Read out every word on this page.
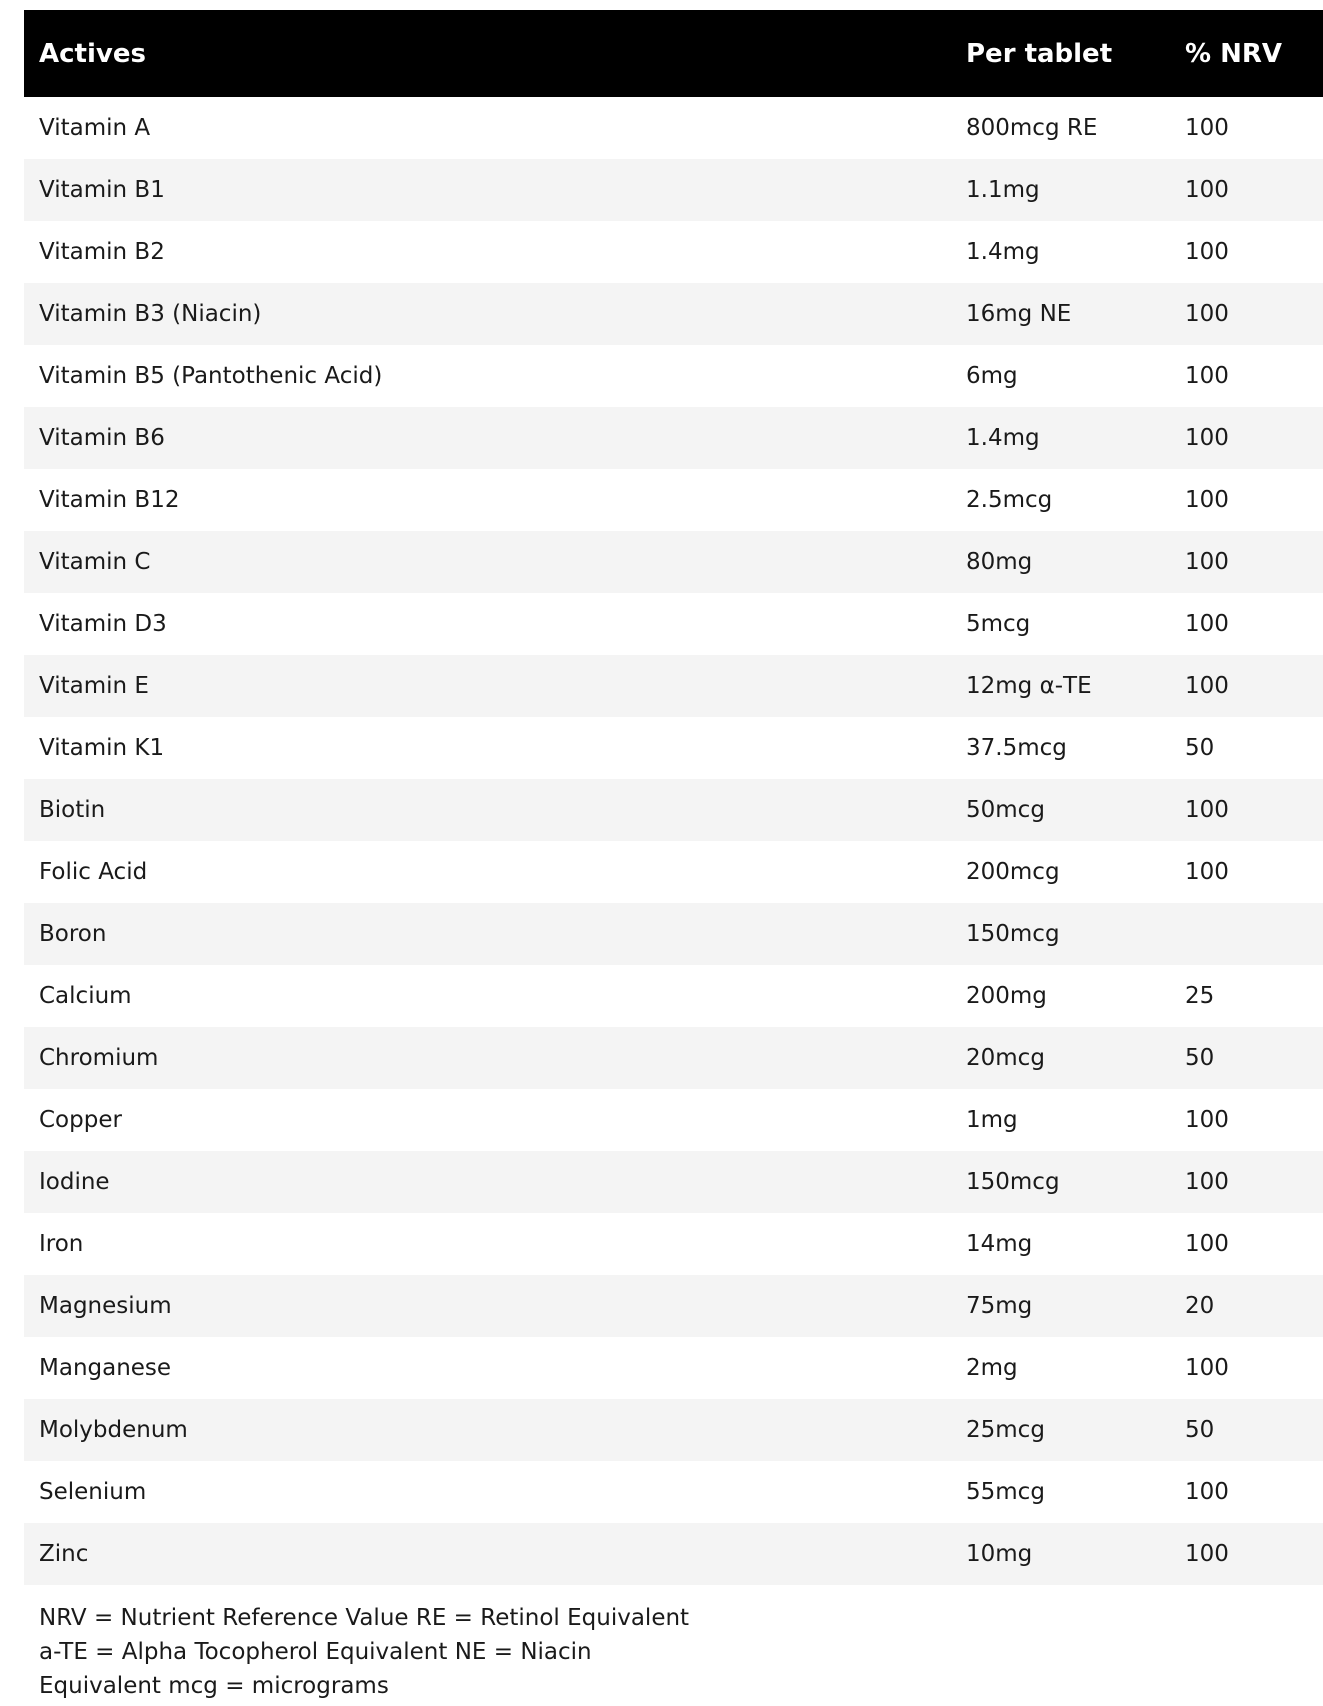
Actives	Per tablet	% NRV
Vitamin A	800mcg RE	100
Vitamin B1	1.1mg	100
Vitamin B2	1.4mg	100
Vitamin B3 (Niacin)	16mg NE	100
Vitamin B5 (Pantothenic Acid)	6mg	100
Vitamin B6	1.4mg	100
Vitamin B12	2.5mcg	100
Vitamin C	80mg	100
Vitamin D3	5mcg	100
Vitamin E	12mg α-TE	100
Vitamin K1	37.5mcg	50
Biotin	50mcg	100
Folic Acid	200mcg	100
Boron	150mcg	
Calcium	200mg	25
Chromium	20mcg	50
Copper	1mg	100
Iodine	150mcg	100
Iron	14mg	100
Magnesium	75mg	20
Manganese	2mg	100
Molybdenum	25mcg	50
Selenium	55mcg	100
Zinc	10mg	100
NRV = Nutrient Reference Value RE = Retinol Equivalent a-TE = Alpha Tocopherol Equivalent NE = Niacin Equivalent mcg = micrograms
